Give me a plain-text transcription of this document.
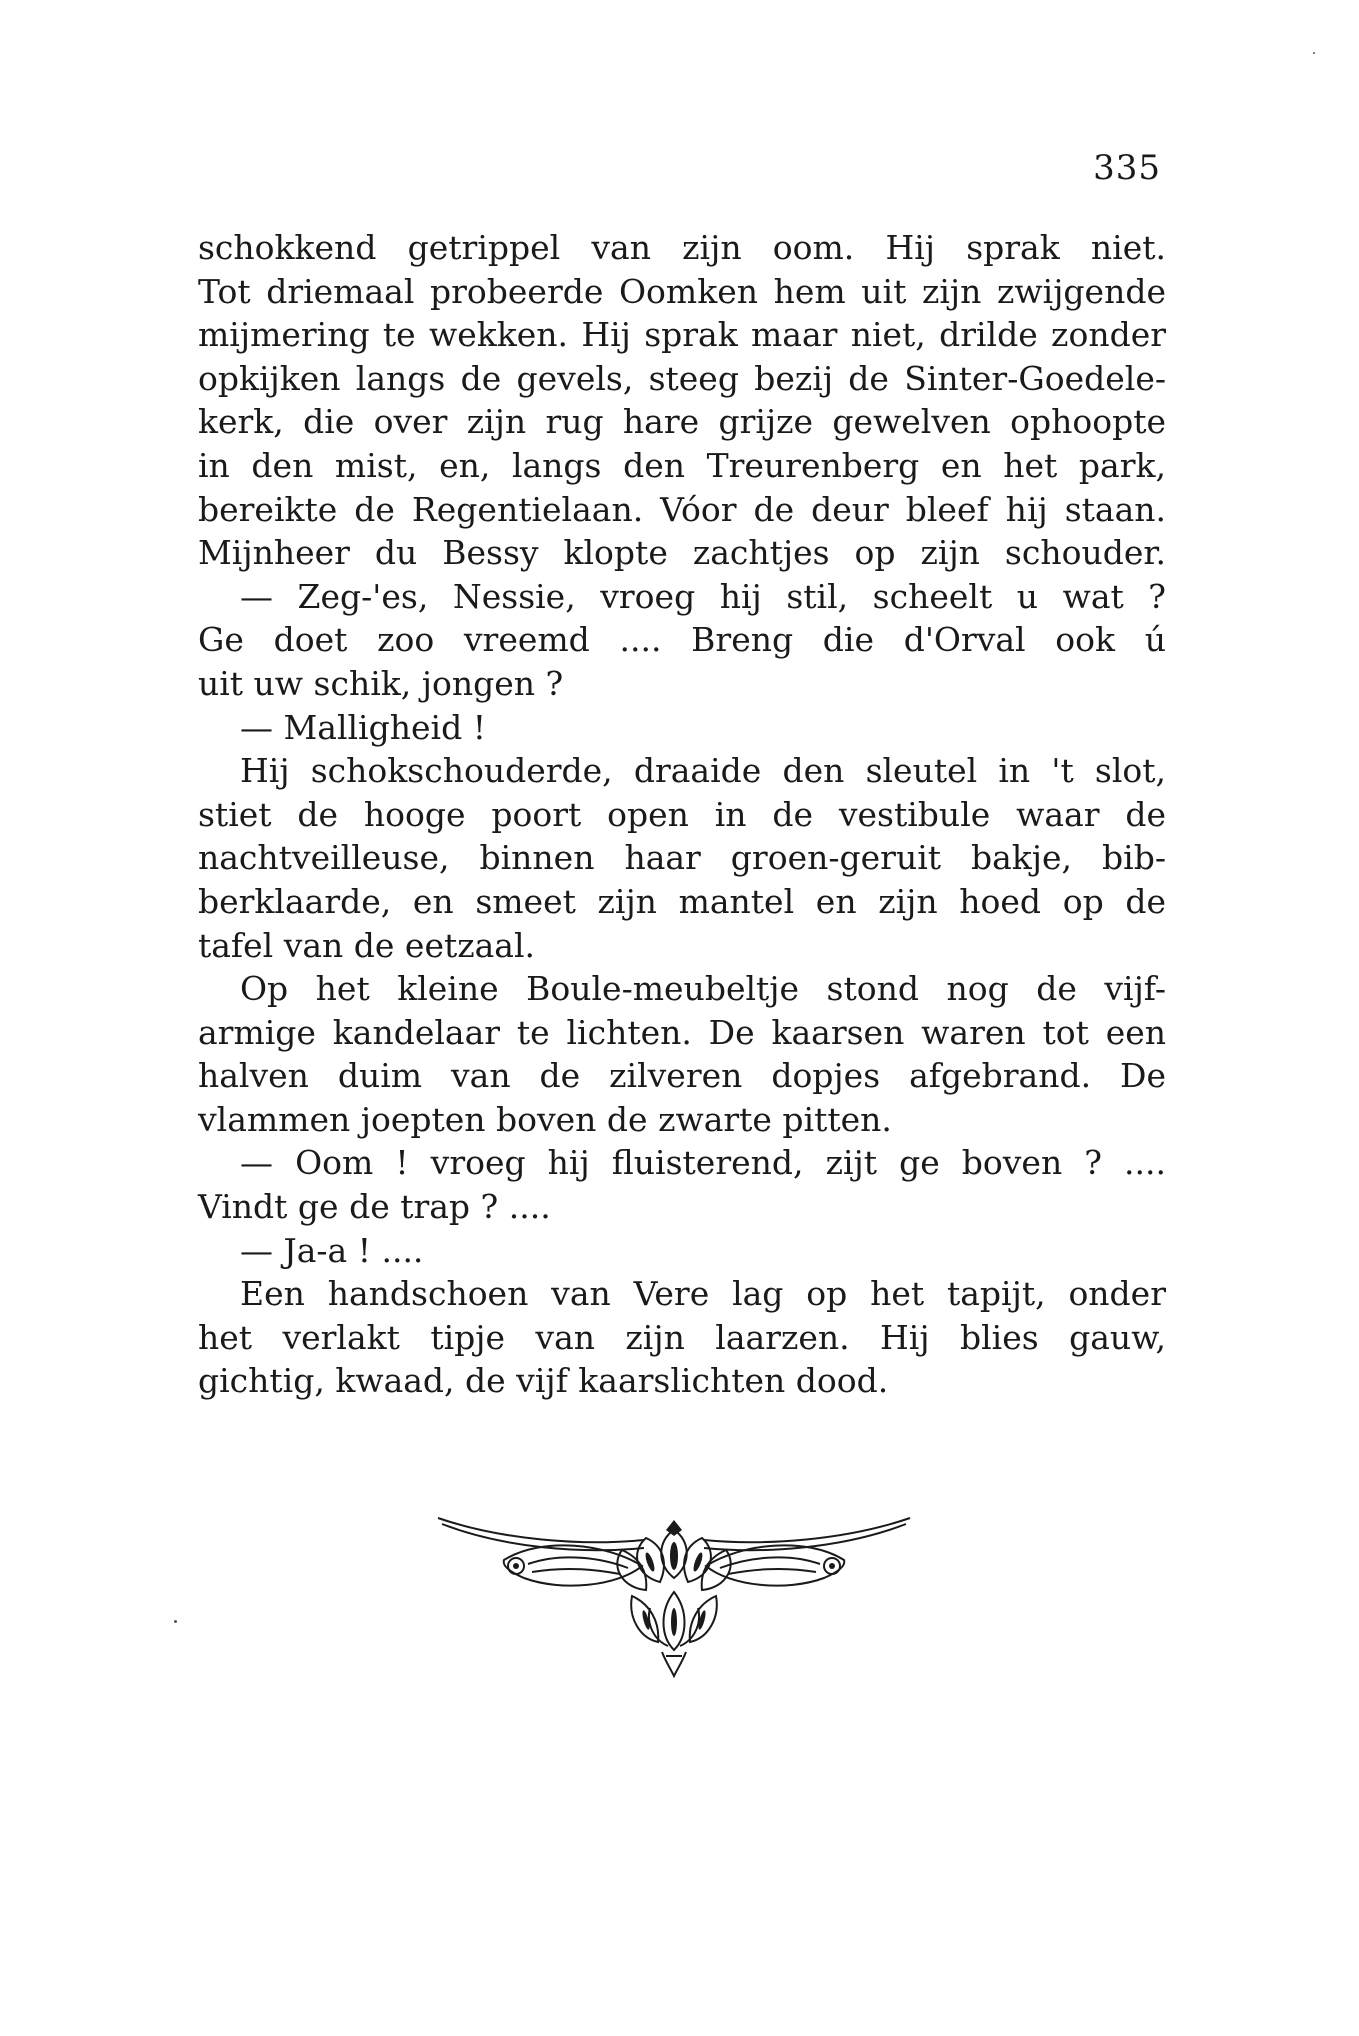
335
schokkend getrippel van zijn oom. Hij sprak niet.
Tot driemaal probeerde Oomken hem uit zijn zwijgende
mijmering te wekken. Hij sprak maar niet, drilde zonder
opkijken langs de gevels, steeg bezij de Sinter-Goedele-
kerk, die over zijn rug hare grijze gewelven ophoopte
in den mist, en, langs den Treurenberg en het park,
bereikte de Regentielaan. Vóor de deur bleef hij staan.
Mijnheer du Bessy klopte zachtjes op zijn schouder.
— Zeg-'es, Nessie, vroeg hij stil, scheelt u wat ?
Ge doet zoo vreemd .... Breng die d'Orval ook ú
uit uw schik, jongen ?
— Malligheid !
Hij schokschouderde, draaide den sleutel in 't slot,
stiet de hooge poort open in de vestibule waar de
nachtveilleuse, binnen haar groen-geruit bakje, bib-
berklaarde, en smeet zijn mantel en zijn hoed op de
tafel van de eetzaal.
Op het kleine Boule-meubeltje stond nog de vijf-
armige kandelaar te lichten. De kaarsen waren tot een
halven duim van de zilveren dopjes afgebrand. De
vlammen joepten boven de zwarte pitten.
— Oom ! vroeg hij fluisterend, zijt ge boven ? ....
Vindt ge de trap ? ....
— Ja-a ! ....
Een handschoen van Vere lag op het tapijt, onder
het verlakt tipje van zijn laarzen. Hij blies gauw,
gichtig, kwaad, de vijf kaarslichten dood.
